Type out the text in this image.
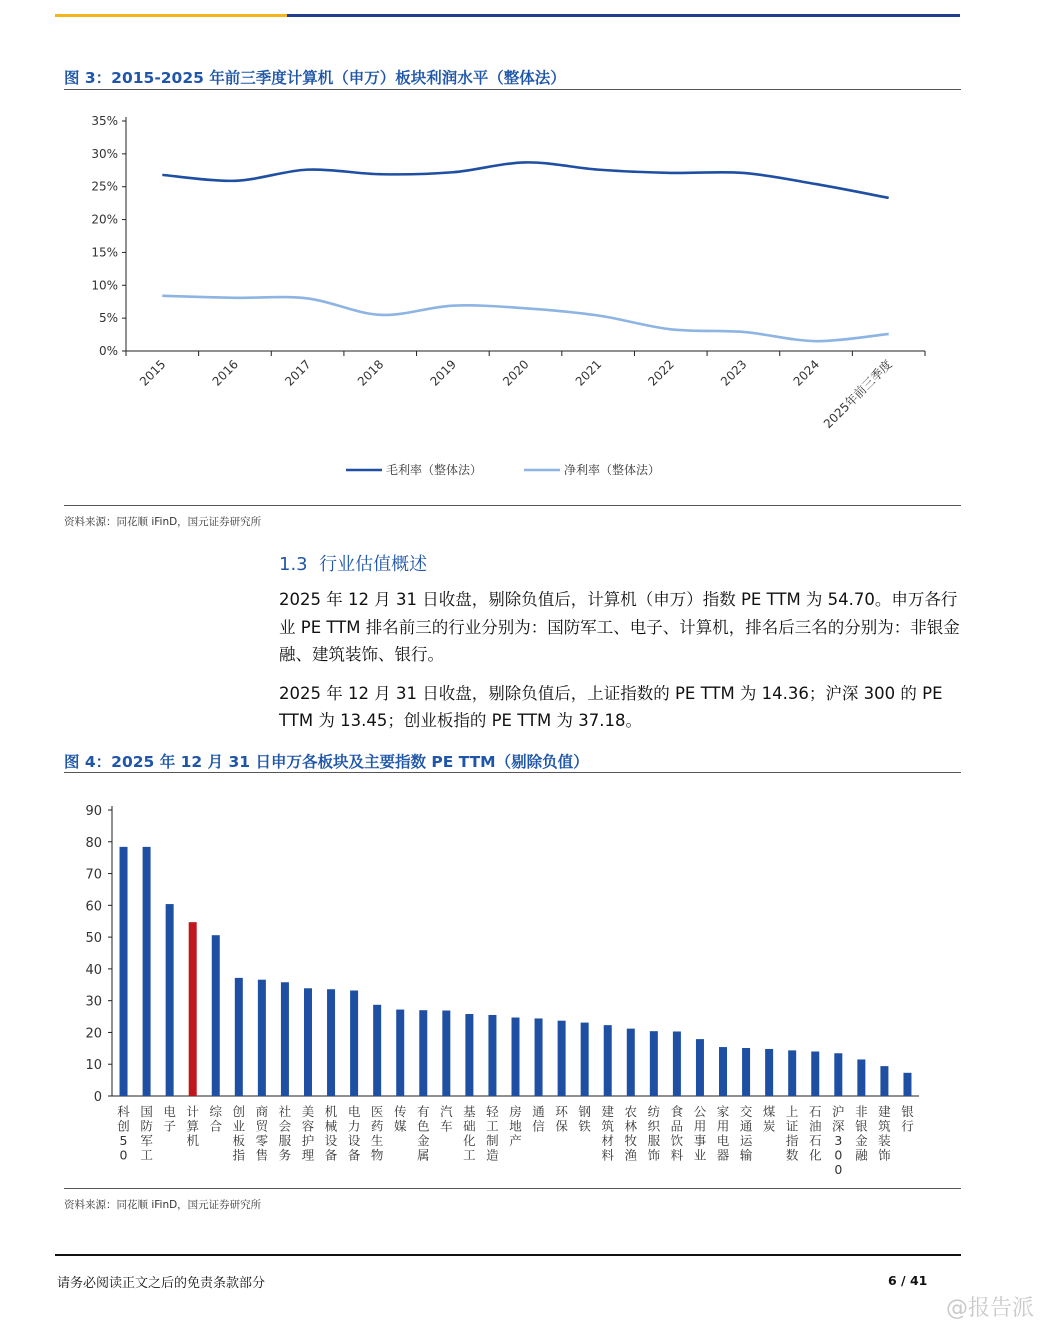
图 3：2015-2025 年前三季度计算机（申万）板块利润水平（整体法）
0%
5%
10%
15%
20%
25%
30%
35%
2015	2016	2017	2018	2019	2020	2021	2022	2023	2024
2025年前三季度
毛利率（整体法）	净利率（整体法）
资料来源：同花顺 iFinD，国元证券研究所
1.3 行业估值概述

2025 年 12 月 31 日收盘，剔除负值后，计算机（申万）指数 PE TTM 为 54.70。申万各行业 PE TTM 排名前三的行业分别为：国防军工、电子、计算机，排名后三名的分别为：非银金融、建筑装饰、银行。

2025 年 12 月 31 日收盘，剔除负值后，上证指数的 PE TTM 为 14.36；沪深 300 的 PE TTM 为 13.45；创业板指的 PE TTM 为 37.18。

图 4：2025 年 12 月 31 日申万各板块及主要指数 PE TTM（剔除负值）
0
10
20
30
40
50
60
70
80
90
科创 5 0
国防军工
电子
计算机
综合
创业板指
商贸零售
社会服务
美容护理
机械设备
电力设备
医药生物
传媒
有色金属
汽车
基础化工
轻工制造
房地产
通信
环保
钢铁
建筑材料
农林牧渔
纺织服饰
食品饮料
公用事业
家用电器
交通运输
煤炭
上证指数
石油石化
沪深 3 0 0
非银金融
建筑装饰
银行
资料来源：同花顺 iFinD，国元证券研究所
请务必阅读正文之后的免责条款部分	6 / 41
@报告派
